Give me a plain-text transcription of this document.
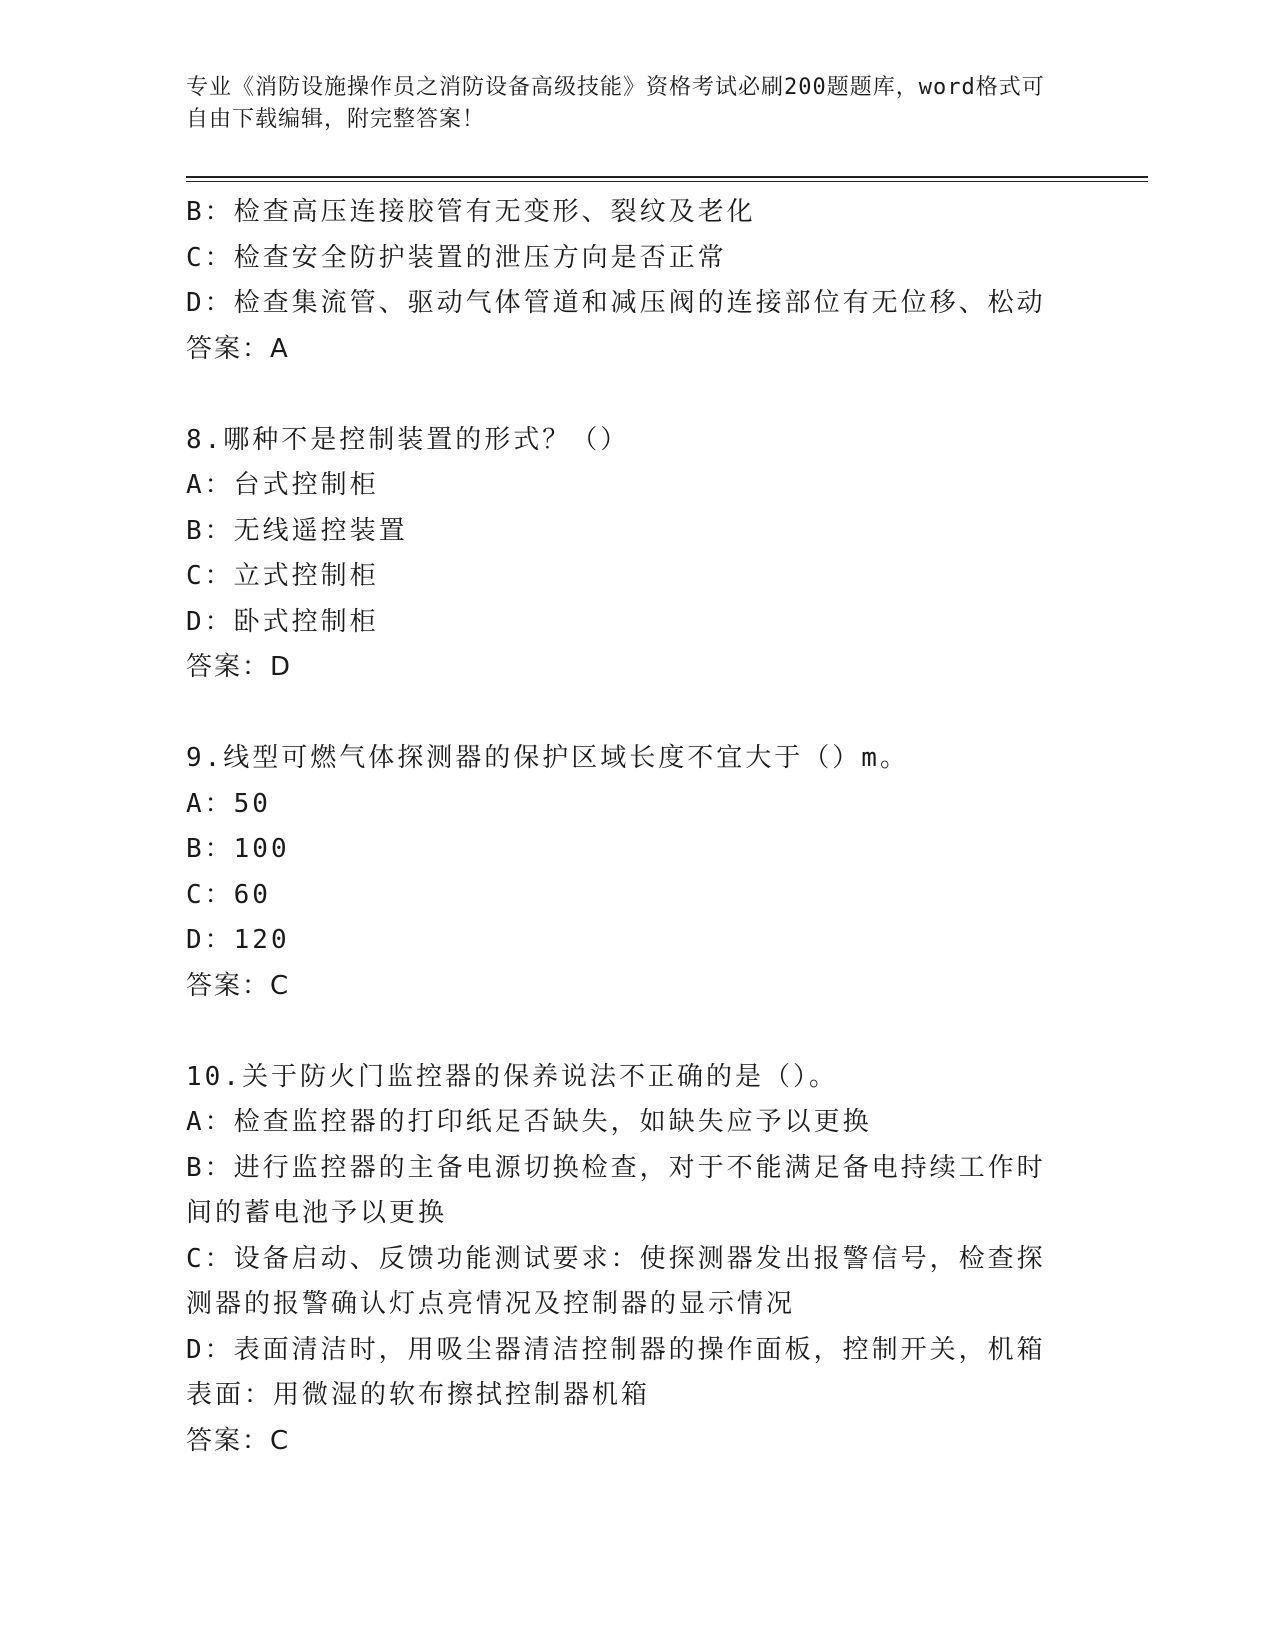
专业《消防设施操作员之消防设备高级技能》资格考试必刷200题题库，word格式可自由下载编辑，附完整答案！
B：检查高压连接胶管有无变形、裂纹及老化
C：检查安全防护装置的泄压方向是否正常
D：检查集流管、驱动气体管道和减压阀的连接部位有无位移、松动
答案：A
8.哪种不是控制装置的形式？（）
A：台式控制柜
B：无线遥控装置
C：立式控制柜
D：卧式控制柜
答案：D
9.线型可燃气体探测器的保护区域长度不宜大于（）m。
A：50
B：100
C：60
D：120
答案：C
10.关于防火门监控器的保养说法不正确的是（）。
A：检查监控器的打印纸足否缺失，如缺失应予以更换
B：进行监控器的主备电源切换检查，对于不能满足备电持续工作时间的蓄电池予以更换
C：设备启动、反馈功能测试要求：使探测器发出报警信号，检查探测器的报警确认灯点亮情况及控制器的显示情况
D：表面清洁时，用吸尘器清洁控制器的操作面板，控制开关，机箱表面：用微湿的软布擦拭控制器机箱
答案：C
